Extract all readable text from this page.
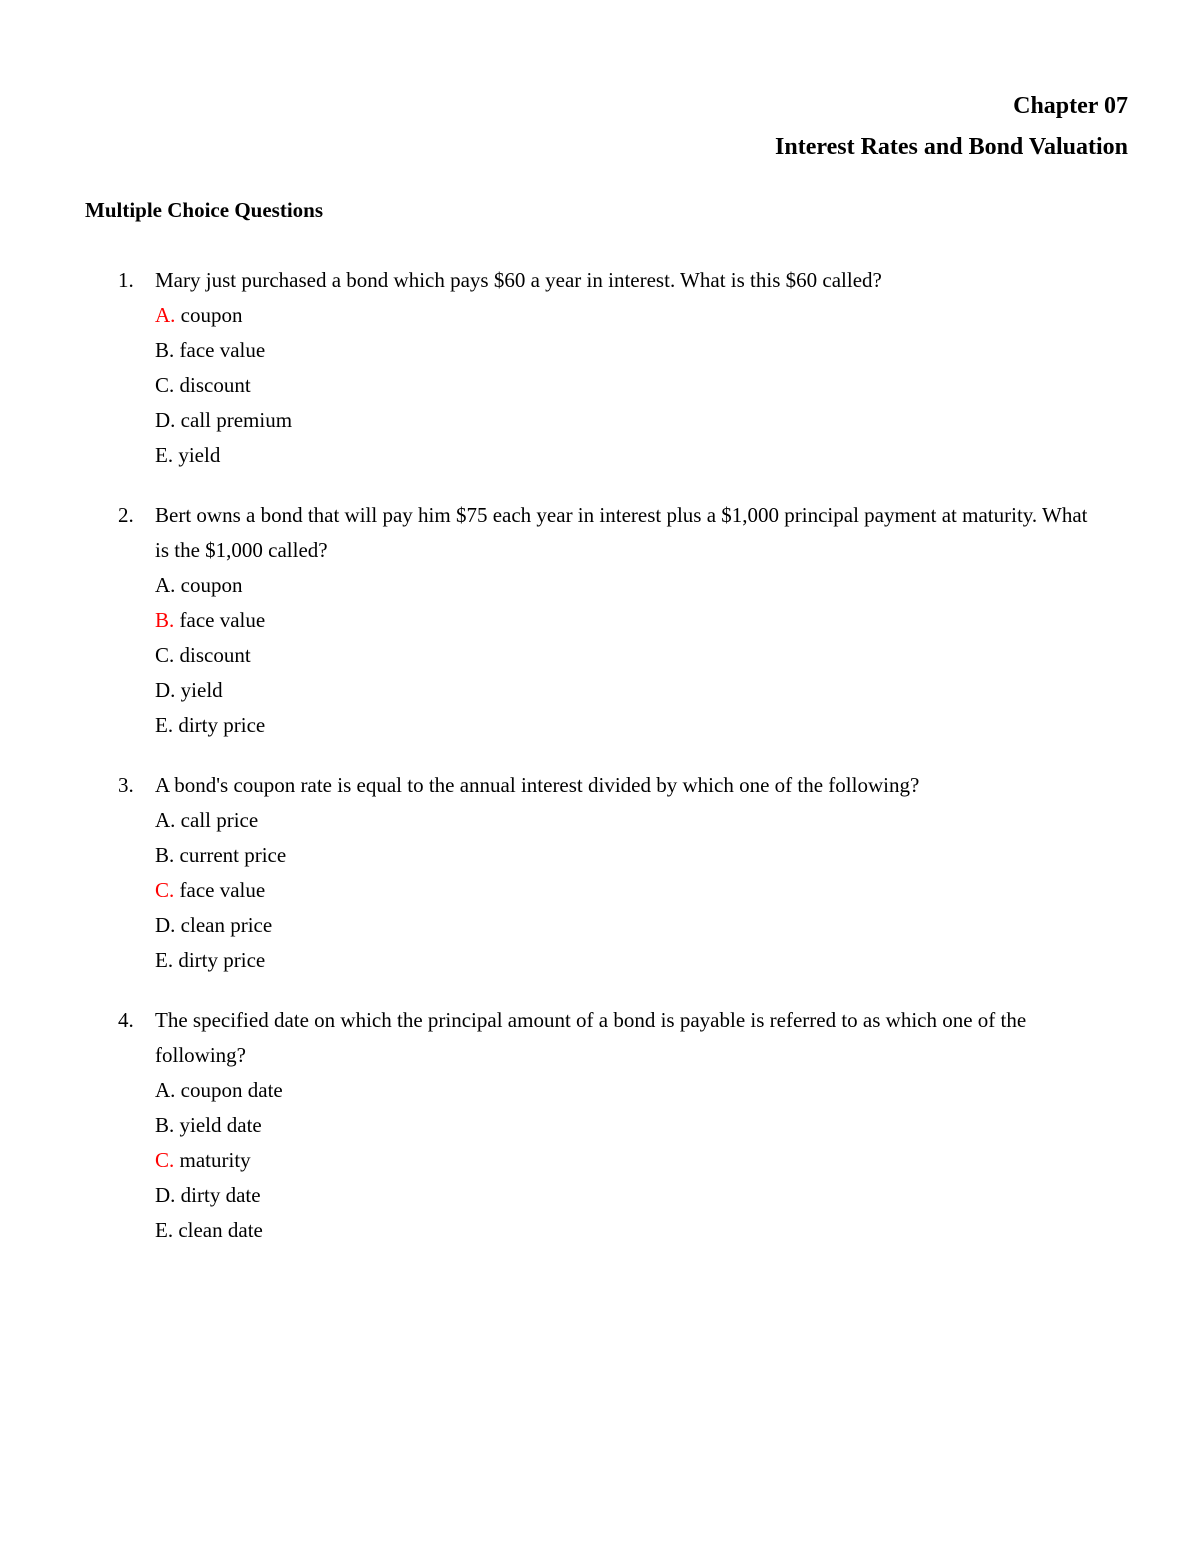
Chapter 07
Interest Rates and Bond Valuation
Multiple Choice Questions
1. Mary just purchased a bond which pays $60 a year in interest. What is this $60 called?
A. coupon
B. face value
C. discount
D. call premium
E. yield
2. Bert owns a bond that will pay him $75 each year in interest plus a $1,000 principal payment at maturity. What is the $1,000 called?
A. coupon
B. face value
C. discount
D. yield
E. dirty price
3. A bond's coupon rate is equal to the annual interest divided by which one of the following?
A. call price
B. current price
C. face value
D. clean price
E. dirty price
4. The specified date on which the principal amount of a bond is payable is referred to as which one of the following?
A. coupon date
B. yield date
C. maturity
D. dirty date
E. clean date
